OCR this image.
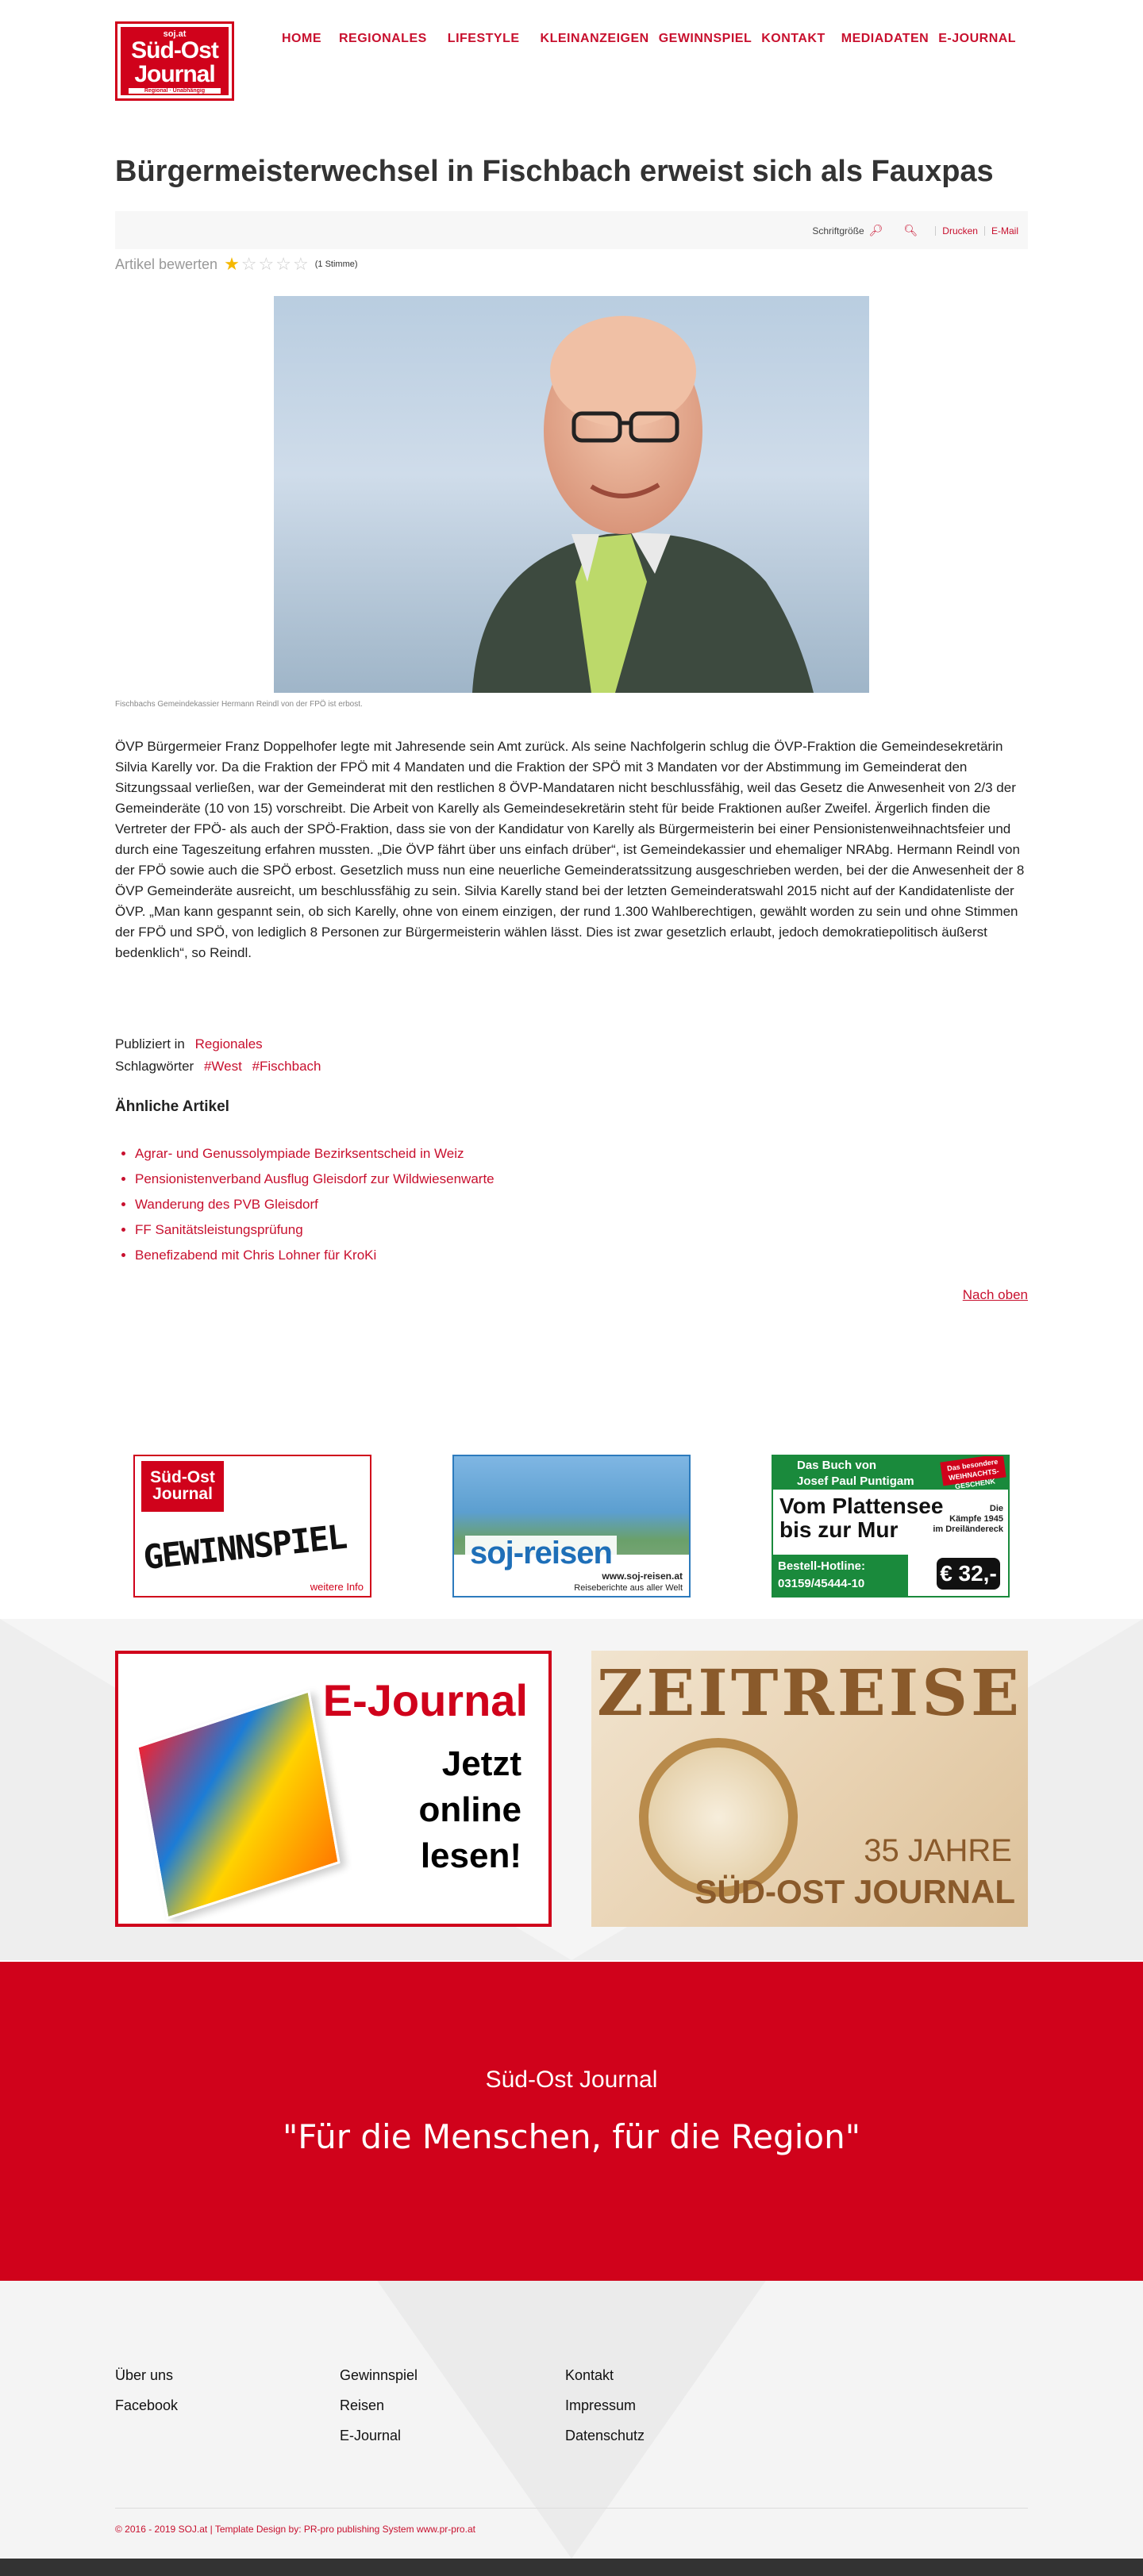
soj.at
Süd-Ost
Journal
Regional · Unabhängig
HOME REGIONALES LIFESTYLE KLEINANZEIGEN GEWINNSPIEL KONTAKT MEDIADATEN E-JOURNAL
Bürgermeisterwechsel in Fischbach erweist sich als Fauxpas
Schriftgröße 🔎︎ 🔍︎	Drucken E-Mail
Artikel bewerten ★ ☆ ☆ ☆ ☆ (1 Stimme)
Fischbachs Gemeindekassier Hermann Reindl von der FPÖ ist erbost.

ÖVP Bürgermeier Franz Doppelhofer legte mit Jahresende sein Amt zurück. Als seine Nachfolgerin schlug die ÖVP-Fraktion die Gemeindesekretärin Silvia Karelly vor. Da die Fraktion der FPÖ mit 4 Mandaten und die Fraktion der SPÖ mit 3 Mandaten vor der Abstimmung im Gemeinderat den Sitzungssaal verließen, war der Gemeinderat mit den restlichen 8 ÖVP-Mandataren nicht beschlussfähig, weil das Gesetz die Anwesenheit von 2/3 der Gemeinderäte (10 von 15) vorschreibt. Die Arbeit von Karelly als Gemeindesekretärin steht für beide Fraktionen außer Zweifel. Ärgerlich finden die Vertreter der FPÖ- als auch der SPÖ-Fraktion, dass sie von der Kandidatur von Karelly als Bürgermeisterin bei einer Pensionistenweihnachtsfeier und durch eine Tageszeitung erfahren mussten. „Die ÖVP fährt über uns einfach drüber“, ist Gemeindekassier und ehemaliger NRAbg. Hermann Reindl von der FPÖ sowie auch die SPÖ erbost. Gesetzlich muss nun eine neuerliche Gemeinderatssitzung ausgeschrieben werden, bei der die Anwesenheit der 8 ÖVP Gemeinderäte ausreicht, um beschlussfähig zu sein. Silvia Karelly stand bei der letzten Gemeinderatswahl 2015 nicht auf der Kandidatenliste der ÖVP. „Man kann gespannt sein, ob sich Karelly, ohne von einem einzigen, der rund 1.300 Wahlberechtigen, gewählt worden zu sein und ohne Stimmen der FPÖ und SPÖ, von lediglich 8 Personen zur Bürgermeisterin wählen lässt. Dies ist zwar gesetzlich erlaubt, jedoch demokratiepolitisch äußerst bedenklich“, so Reindl.

Publiziert in Regionales
Schlagwörter #West #Fischbach
Ähnliche Artikel
• Agrar- und Genussolympiade Bezirksentscheid in Weiz
• Pensionistenverband Ausflug Gleisdorf zur Wildwiesenwarte
• Wanderung des PVB Gleisdorf
• FF Sanitätsleistungsprüfung
• Benefizabend mit Chris Lohner für KroKi
Nach oben
Süd-Ost
Journal
GEWINNSPIEL
weitere Info
soj-reisen
www.soj-reisen.at
Reiseberichte aus aller Welt
Das Buch von
Josef Paul Puntigam
Das besondere WEIHNACHTS-GESCHENK
Vom Plattensee
bis zur Mur
Die
Kämpfe 1945
im Dreiländereck
Bestell-Hotline:
03159/45444-10	€ 32,-
E-Journal
Jetzt
online
lesen!
ZEITREISE
35 JAHRE
SÜD-OST JOURNAL
Süd-Ost Journal
"Für die Menschen, für die Region"
Über uns
Facebook
Gewinnspiel
Reisen
E-Journal
Kontakt
Impressum
Datenschutz
© 2016 - 2019 SOJ.at | Template Design by: PR-pro publishing System www.pr-pro.at
